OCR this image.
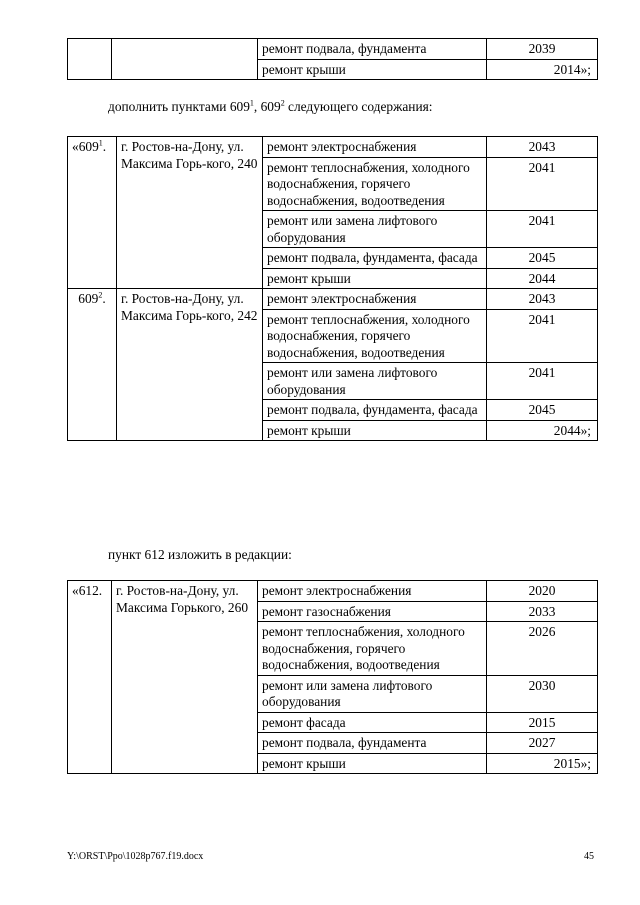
		ремонт подвала, фундамента	2039
		ремонт крыши	2014»;
дополнить пунктами $609^1$, $609^2$ следующего содержания:
«$609^1$.	г. Ростов-на-Дону, ул. Максима Горь-кого, 240	ремонт электроснабжения	2043
		ремонт теплоснабжения, холодного водоснабжения, горячего водоснабжения, водоотведения	2041
		ремонт или замена лифтового оборудования	2041
		ремонт подвала, фундамента, фасада	2045
		ремонт крыши	2044
$609^2$.	г. Ростов-на-Дону, ул. Максима Горь-кого, 242	ремонт электроснабжения	2043
		ремонт теплоснабжения, холодного водоснабжения, горячего водоснабжения, водоотведения	2041
		ремонт или замена лифтового оборудования	2041
		ремонт подвала, фундамента, фасада	2045
		ремонт крыши	2044»;
пункт 612 изложить в редакции:
«612.	г. Ростов-на-Дону, ул. Максима Горького, 260	ремонт электроснабжения	2020
		ремонт газоснабжения	2033
		ремонт теплоснабжения, холодного водоснабжения, горячего водоснабжения, водоотведения	2026
		ремонт или замена лифтового оборудования	2030
		ремонт фасада	2015
		ремонт подвала, фундамента	2027
		ремонт крыши	2015»;
Y:\ORST\Ppo\1028p767.f19.docx	45
